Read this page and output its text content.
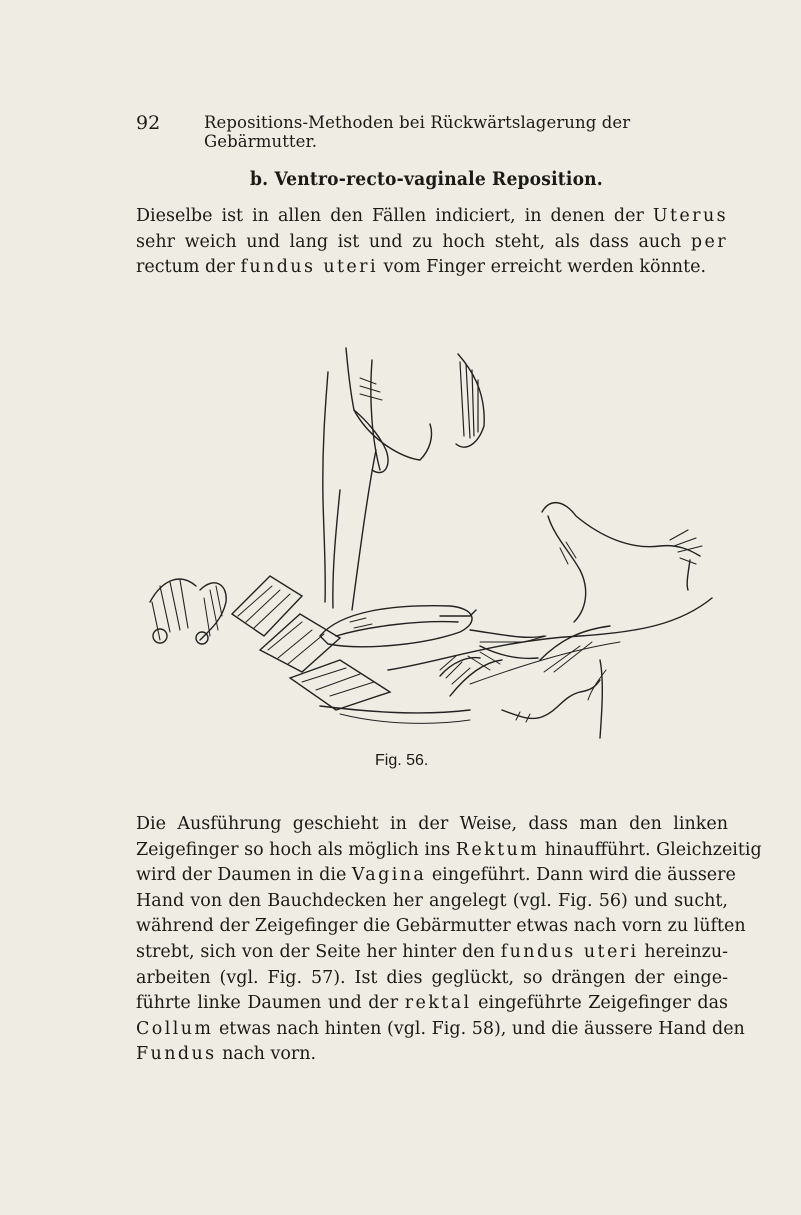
92	Repositions-Methoden bei Rückwärtslagerung der Gebärmutter.
b. Ventro-recto-vaginale Reposition.
Dieselbe ist in allen den Fällen indiciert, in denen der Uterus
sehr weich und lang ist und zu hoch steht, als dass auch per
rectum der fundus uteri vom Finger erreicht werden könnte.
Fig. 56.
Die Ausführung geschieht in der Weise, dass man den linken
Zeigefinger so hoch als möglich ins Rektum hinaufführt. Gleichzeitig
wird der Daumen in die Vagina eingeführt. Dann wird die äussere
Hand von den Bauchdecken her angelegt (vgl. Fig. 56) und sucht,
während der Zeigefinger die Gebärmutter etwas nach vorn zu lüften
strebt, sich von der Seite her hinter den fundus uteri hereinzu-
arbeiten (vgl. Fig. 57). Ist dies geglückt, so drängen der einge-
führte linke Daumen und der rektal eingeführte Zeigefinger das
Collum etwas nach hinten (vgl. Fig. 58), und die äussere Hand den
Fundus nach vorn.
